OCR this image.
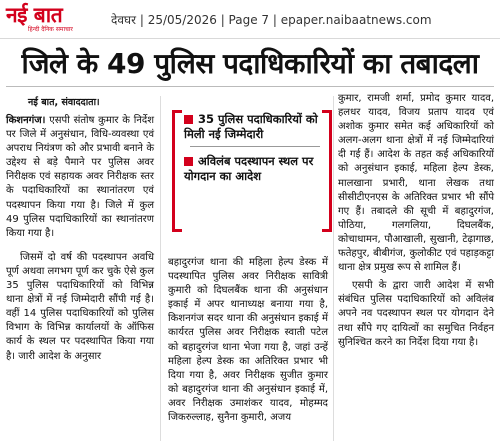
नई बात
हिन्दी दैनिक समाचार
देवघर | 25/05/2026 | Page 7 | epaper.naibaatnews.com
जिले के 49 पुलिस पदाधिकारियों का तबादला
नई बात, संवाददाता।
35 पुलिस पदाधिकारियों को मिली नई जिम्मेदारी
अविलंब पदस्थापन स्थल पर योगदान का आदेश

किशनगंज। एसपी संतोष कुमार के निर्देश पर जिले में अनुसंधान, विधि-व्यवस्था एवं अपराध नियंत्रण को और प्रभावी बनाने के उद्देश्य से बड़े पैमाने पर पुलिस अवर निरीक्षक एवं सहायक अवर निरीक्षक स्तर के पदाधिकारियों का स्थानांतरण एवं पदस्थापन किया गया है। जिले में कुल 49 पुलिस पदाधिकारियों का स्थानांतरण किया गया है।

जिसमें दो वर्ष की पदस्थापन अवधि पूर्ण अथवा लगभग पूर्ण कर चुके ऐसे कुल 35 पुलिस पदाधिकारियों को विभिन्न थाना क्षेत्रों में नई जिम्मेदारी सौंपी गई है। वहीं 14 पुलिस पदाधिकारियों को पुलिस विभाग के विभिन्न कार्यालयों के ऑफिस कार्य के स्थल पर पदस्थापित किया गया है। जारी आदेश के अनुसार

बहादुरगंज थाना की महिला हेल्प डेस्क में पदस्थापित पुलिस अवर निरीक्षक सावित्री कुमारी को दिघलबैंक थाना की अनुसंधान इकाई में अपर थानाध्यक्ष बनाया गया है, किशनगंज सदर थाना की अनुसंधान इकाई में कार्यरत पुलिस अवर निरीक्षक स्वाती पटेल को बहादुरगंज थाना भेजा गया है, जहां उन्हें महिला हेल्प डेस्क का अतिरिक्त प्रभार भी दिया गया है, अवर निरीक्षक सुजीत कुमार को बहादुरगंज थाना की अनुसंधान इकाई में, अवर निरीक्षक उमाशंकर यादव, मोहम्मद जिकरुल्लाह, सुनैना कुमारी, अजय

कुमार, रामजी शर्मा, प्रमोद कुमार यादव, हलधर यादव, विजय प्रताप यादव एवं अशोक कुमार समेत कई अधिकारियों को अलग-अलग थाना क्षेत्रों में नई जिम्मेदारियां दी गई हैं। आदेश के तहत कई अधिकारियों को अनुसंधान इकाई, महिला हेल्प डेस्क, मालखाना प्रभारी, थाना लेखक तथा सीसीटीएनएस के अतिरिक्त प्रभार भी सौंपे गए हैं। तबादले की सूची में बहादुरगंज, पोठिया, गलगलिया, दिघलबैंक, कोचाधामन, पौआखाली, सुखानी, टेढ़ागाछ, फतेहपुर, बीबीगंज, कुलोकीट एवं पहाड़कट्टा थाना क्षेत्र प्रमुख रूप से शामिल हैं।

एसपी के द्वारा जारी आदेश में सभी संबंधित पुलिस पदाधिकारियों को अविलंब अपने नव पदस्थापन स्थल पर योगदान देने तथा सौंपे गए दायित्वों का समुचित निर्वहन सुनिश्चित करने का निर्देश दिया गया है।
